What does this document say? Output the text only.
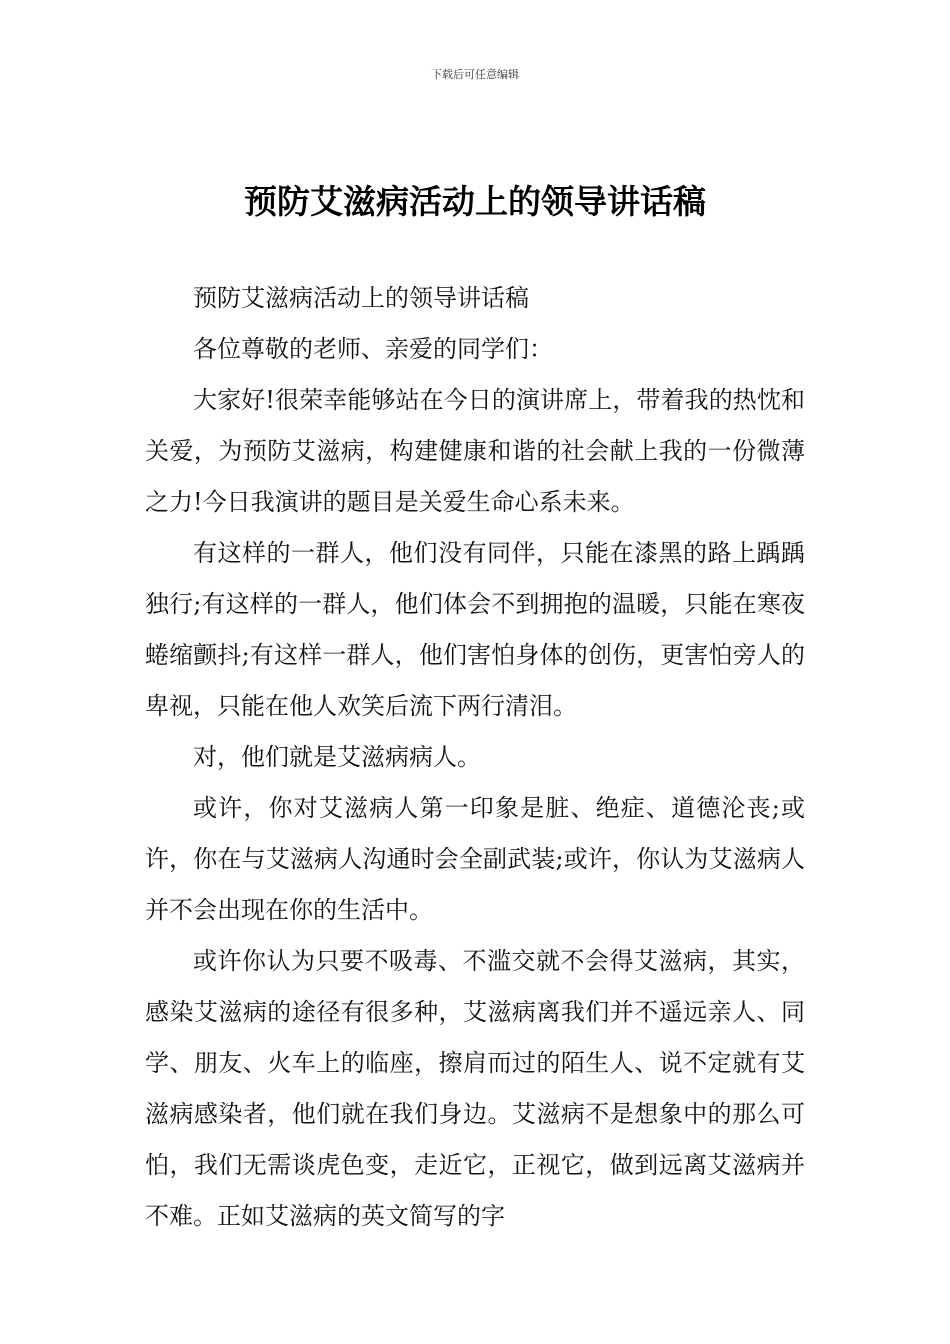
下载后可任意编辑
预防艾滋病活动上的领导讲话稿

预防艾滋病活动上的领导讲话稿

各位尊敬的老师、亲爱的同学们：

大家好!很荣幸能够站在今日的演讲席上，带着我的热忱和关爱，为预防艾滋病，构建健康和谐的社会献上我的一份微薄之力!今日我演讲的题目是关爱生命心系未来。

有这样的一群人，他们没有同伴，只能在漆黑的路上踽踽独行;有这样的一群人，他们体会不到拥抱的温暖，只能在寒夜蜷缩颤抖;有这样一群人，他们害怕身体的创伤，更害怕旁人的卑视，只能在他人欢笑后流下两行清泪。

对，他们就是艾滋病病人。

或许，你对艾滋病人第一印象是脏、绝症、道德沦丧;或许，你在与艾滋病人沟通时会全副武装;或许，你认为艾滋病人并不会出现在你的生活中。

或许你认为只要不吸毒、不滥交就不会得艾滋病，其实，感染艾滋病的途径有很多种，艾滋病离我们并不遥远亲人、同学、朋友、火车上的临座，擦肩而过的陌生人、说不定就有艾滋病感染者，他们就在我们身边。艾滋病不是想象中的那么可怕，我们无需谈虎色变，走近它，正视它，做到远离艾滋病并不难。正如艾滋病的英文简写的字
